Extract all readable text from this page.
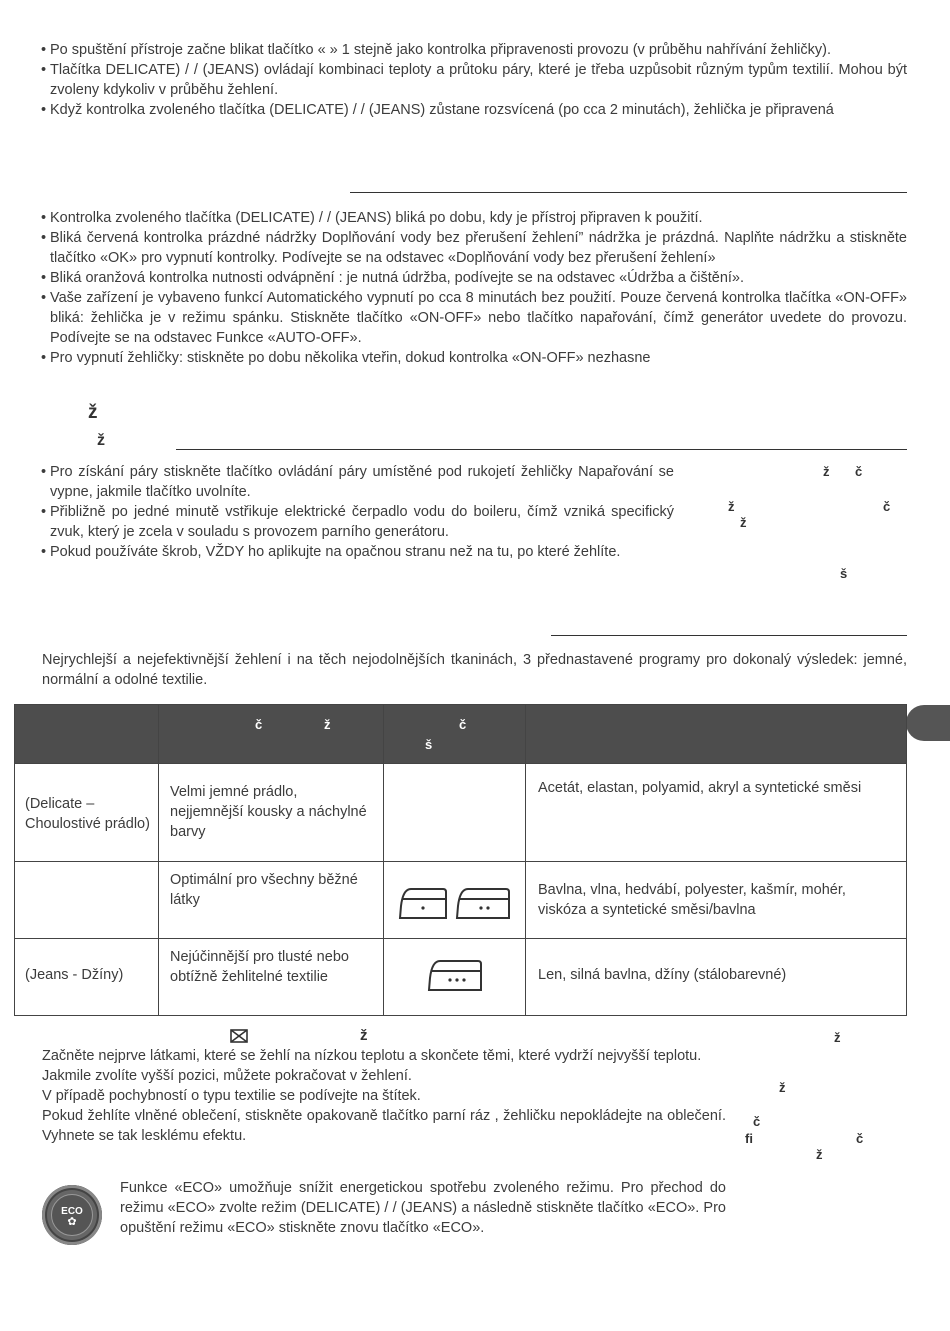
• Po spuštění přístroje začne blikat tlačítko « » 1 stejně jako kontrolka připravenosti provozu (v průběhu nahřívání žehličky).
• Tlačítka DELICATE) / / (JEANS) ovládají kombinaci teploty a průtoku páry, které je třeba uzpůsobit různým typům textilií. Mohou být zvoleny kdykoliv v průběhu žehlení.
• Když kontrolka zvoleného tlačítka (DELICATE) / / (JEANS) zůstane rozsvícená (po cca 2 minutách), žehlička je připravená
• Kontrolka zvoleného tlačítka (DELICATE) / / (JEANS) bliká po dobu, kdy je přístroj připraven k použití.
• Bliká červená kontrolka prázdné nádržky Doplňování vody bez přerušení žehlení” nádržka je prázdná. Naplňte nádržku a stiskněte tlačítko «OK» pro vypnutí kontrolky. Podívejte se na odstavec «Doplňování vody bez přerušení žehlení»
• Bliká oranžová kontrolka nutnosti odvápnění : je nutná údržba, podívejte se na odstavec «Údržba a čištění».
• Vaše zařízení je vybaveno funkcí Automatického vypnutí po cca 8 minutách bez použití. Pouze červená kontrolka tlačítka «ON-OFF» bliká: žehlička je v režimu spánku. Stiskněte tlačítko «ON-OFF» nebo tlačítko napařování, čímž generátor uvedete do provozu. Podívejte se na odstavec Funkce «AUTO-OFF».
• Pro vypnutí žehličky: stiskněte po dobu několika vteřin, dokud kontrolka «ON-OFF» nezhasne
ž
ž
• Pro získání páry stiskněte tlačítko ovládání páry umístěné pod rukojetí žehličky Napařování se vypne, jakmile tlačítko uvolníte.
• Přibližně po jedné minutě vstřikuje elektrické čerpadlo vodu do boileru, čímž vzniká specifický zvuk, který je zcela v souladu s provozem parního generátoru.
• Pokud používáte škrob, VŽDY ho aplikujte na opačnou stranu než na tu, po které žehlíte.
ž č
ž	č
ž
š
Nejrychlejší a nejefektivnější žehlení i na těch nejodolnějších tkaninách, 3 přednastavené programy pro dokonalý výsledek: jemné, normální a odolné textilie.

	č ž	č
š	

(Delicate – Choulostivé prádlo)	Velmi jemné prádlo, nejjemnější kousky a náchylné barvy		Acetát, elastan, polyamid, akryl a syntetické směsi
	Optimální pro všechny běžné látky		Bavlna, vlna, hedvábí, polyester, kašmír, mohér, viskóza a syntetické směsi/bavlna
(Jeans - Džíny)	Nejúčinnější pro tlusté nebo obtížně žehlitelné textilie		Len, silná bavlna, džíny (stálobarevné)
ž
Začněte nejprve látkami, které se žehlí na nízkou teplotu a skončete těmi, které vydrží nejvyšší teplotu.
Jakmile zvolíte vyšší pozici, můžete pokračovat v žehlení.
V případě pochybností o typu textilie se podívejte na štítek.
Pokud žehlíte vlněné oblečení, stiskněte opakovaně tlačítko parní ráz , žehličku nepokládejte na oblečení. Vyhnete se tak lesklému efektu.
ž
ž
č
fi	č
ž
ECO
✿
Funkce «ECO» umožňuje snížit energetickou spotřebu zvoleného režimu. Pro přechod do režimu «ECO» zvolte režim (DELICATE) / / (JEANS) a následně stiskněte tlačítko «ECO». Pro opuštění režimu «ECO» stiskněte znovu tlačítko «ECO».
